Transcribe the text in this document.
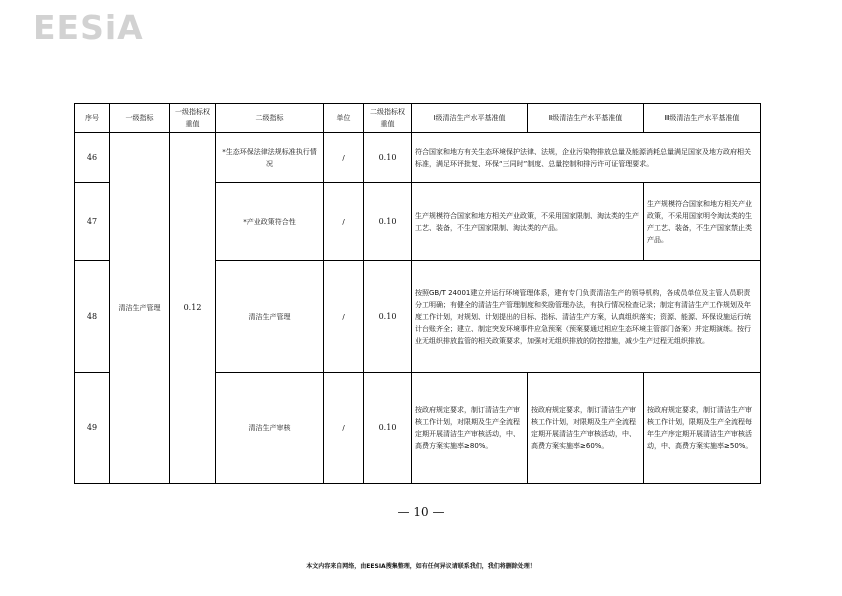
EESiA
序号	一级指标	一级指标权重值	二级指标	单位	二级指标权重值	Ⅰ级清洁生产水平基准值	Ⅱ级清洁生产水平基准值	Ⅲ级清洁生产水平基准值
46	清洁生产管理	0.12	*生态环保法律法规标准执行情况	/	0.10	符合国家和地方有关生态环境保护法律、法规，企业污染物排放总量及能源消耗总量满足国家及地方政府相关标准，满足环评批复、环保“三同时”制度、总量控制和排污许可证管理要求。		
47			*产业政策符合性	/	0.10	生产规模符合国家和地方相关产业政策，不采用国家限制、淘汰类的生产工艺、装备，不生产国家限制、淘汰类的产品。		生产规模符合国家和地方相关产业政策，不采用国家明令淘汰类的生产工艺、装备，不生产国家禁止类产品。
48			清洁生产管理	/	0.10	按照GB/T 24001建立并运行环境管理体系，建有专门负责清洁生产的领导机构，各成员单位及主管人员职责分工明确；有健全的清洁生产管理制度和奖励管理办法，有执行情况检查记录；制定有清洁生产工作规划及年度工作计划，对规划、计划提出的目标、指标、清洁生产方案，认真组织落实；资源、能源、环保设施运行统计台账齐全；建立、制定突发环境事件应急预案（预案要通过相应生态环境主管部门备案）并定期演练。按行业无组织排放监管的相关政策要求，加强对无组织排放的防控措施，减少生产过程无组织排放。		
49			清洁生产审核	/	0.10	按政府规定要求，制订清洁生产审核工作计划，对限期及生产全流程定期开展清洁生产审核活动，中、高费方案实施率≥80%。	按政府规定要求，制订清洁生产审核工作计划，对限期及生产全流程定期开展清洁生产审核活动，中、高费方案实施率≥60%。	按政府规定要求，制订清洁生产审核工作计划，限期及生产全流程每年生产序定期开展清洁生产审核活动，中、高费方案实施率≥50%。
— 10 —
本文内容来自网络，由EESIA搜集整理，如有任何异议请联系我们，我们将删除处理！
